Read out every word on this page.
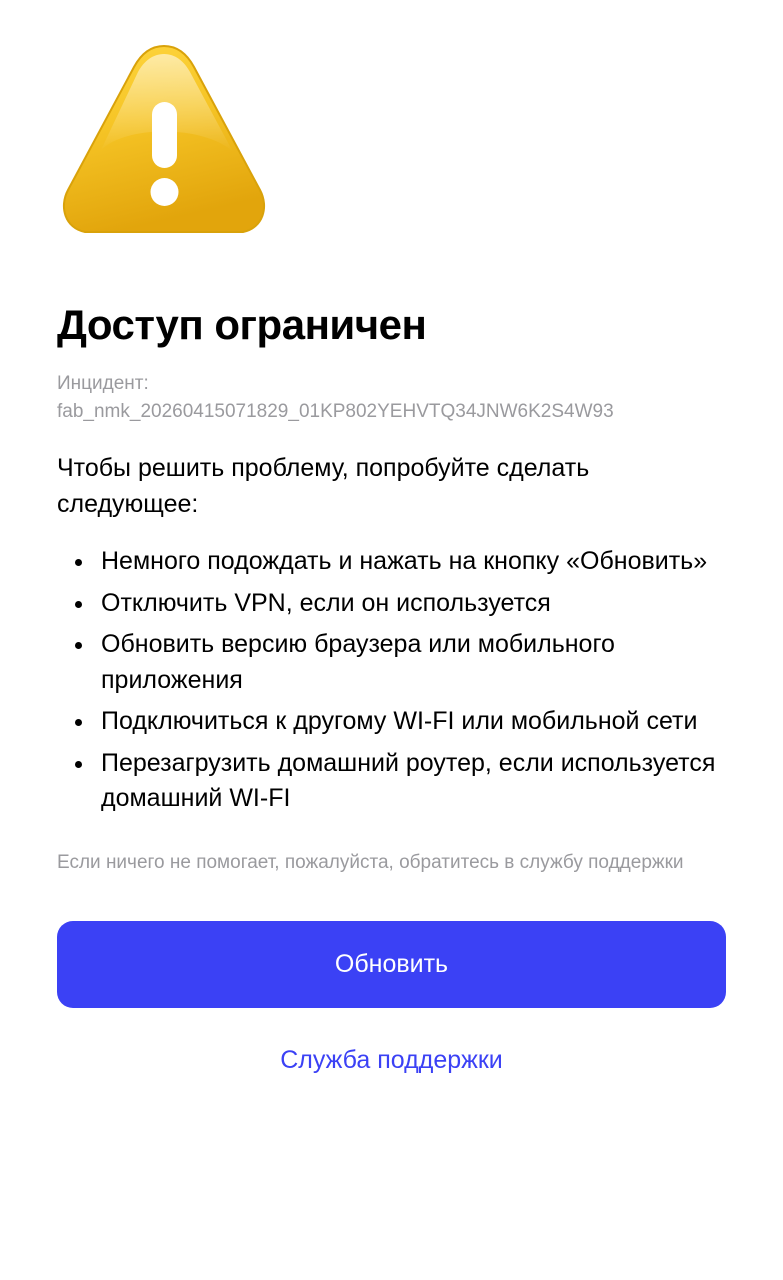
Доступ ограничен

Инцидент:
fab_nmk_20260415071829_01KP802YEHVTQ34JNW6K2S4W93

Чтобы решить проблему, попробуйте сделать следующее:

Немного подождать и нажать на кнопку «Обновить»
Отключить VPN, если он используется
Обновить версию браузера или мобильного приложения
Подключиться к другому WI-FI или мобильной сети
Перезагрузить домашний роутер, если используется домашний WI-FI

Если ничего не помогает, пожалуйста, обратитесь в службу поддержки

Обновить
Служба поддержки
